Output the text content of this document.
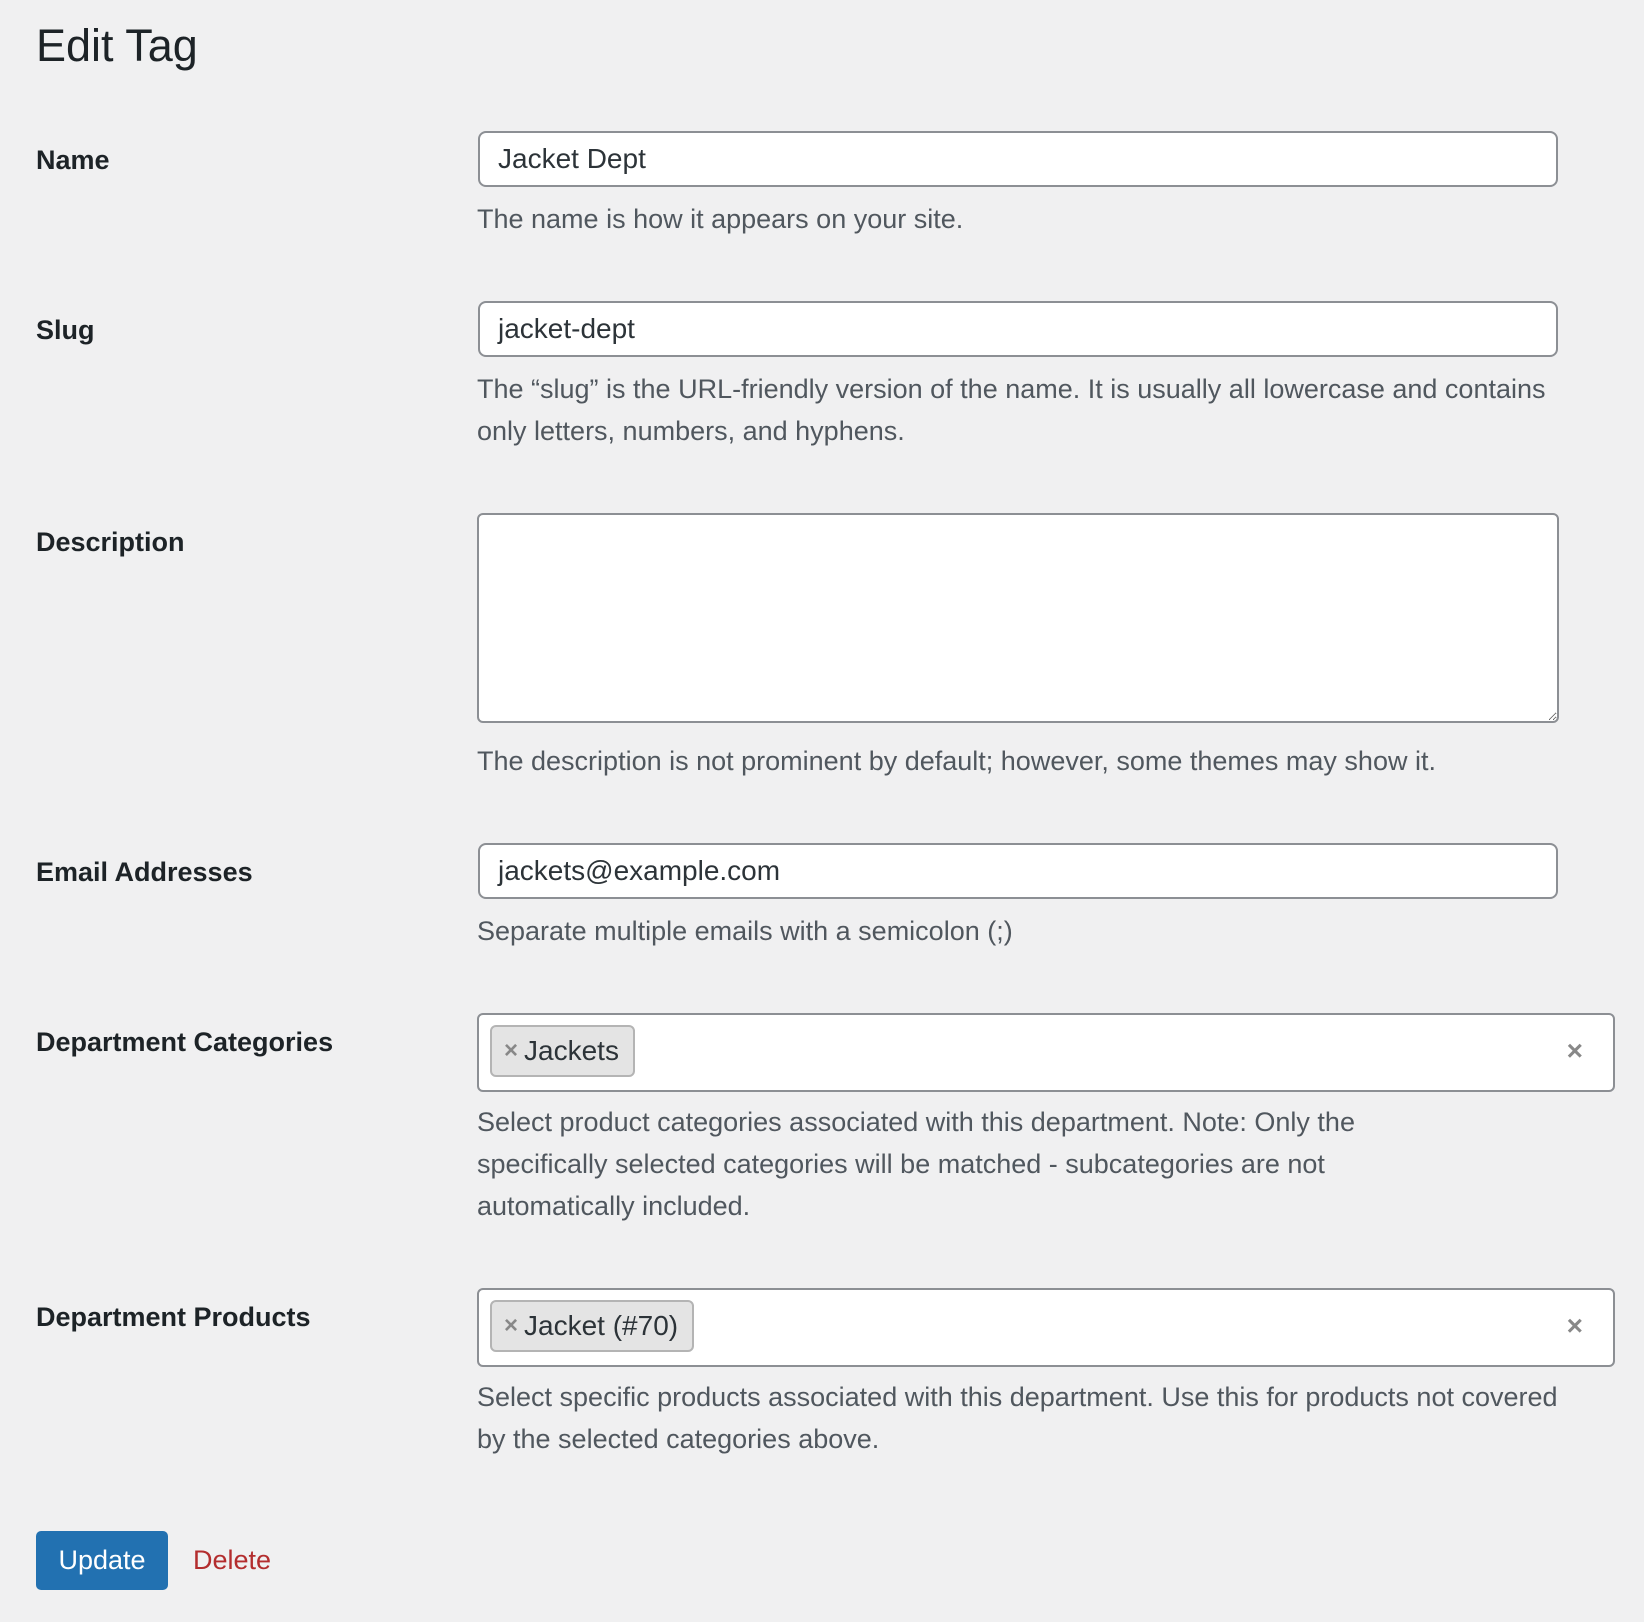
Edit Tag
Name	Jacket Dept
The name is how it appears on your site.
Slug	jacket-dept
The “slug” is the URL-friendly version of the name. It is usually all lowercase and contains only letters, numbers, and hyphens.
Description
The description is not prominent by default; however, some themes may show it.
Email Addresses	jackets@example.com
Separate multiple emails with a semicolon (;)
Department Categories	× Jackets	×
Select product categories associated with this department. Note: Only the specifically selected categories will be matched - subcategories are not automatically included.
Department Products	× Jacket (#70)	×
Select specific products associated with this department. Use this for products not covered by the selected categories above.
Update	Delete
